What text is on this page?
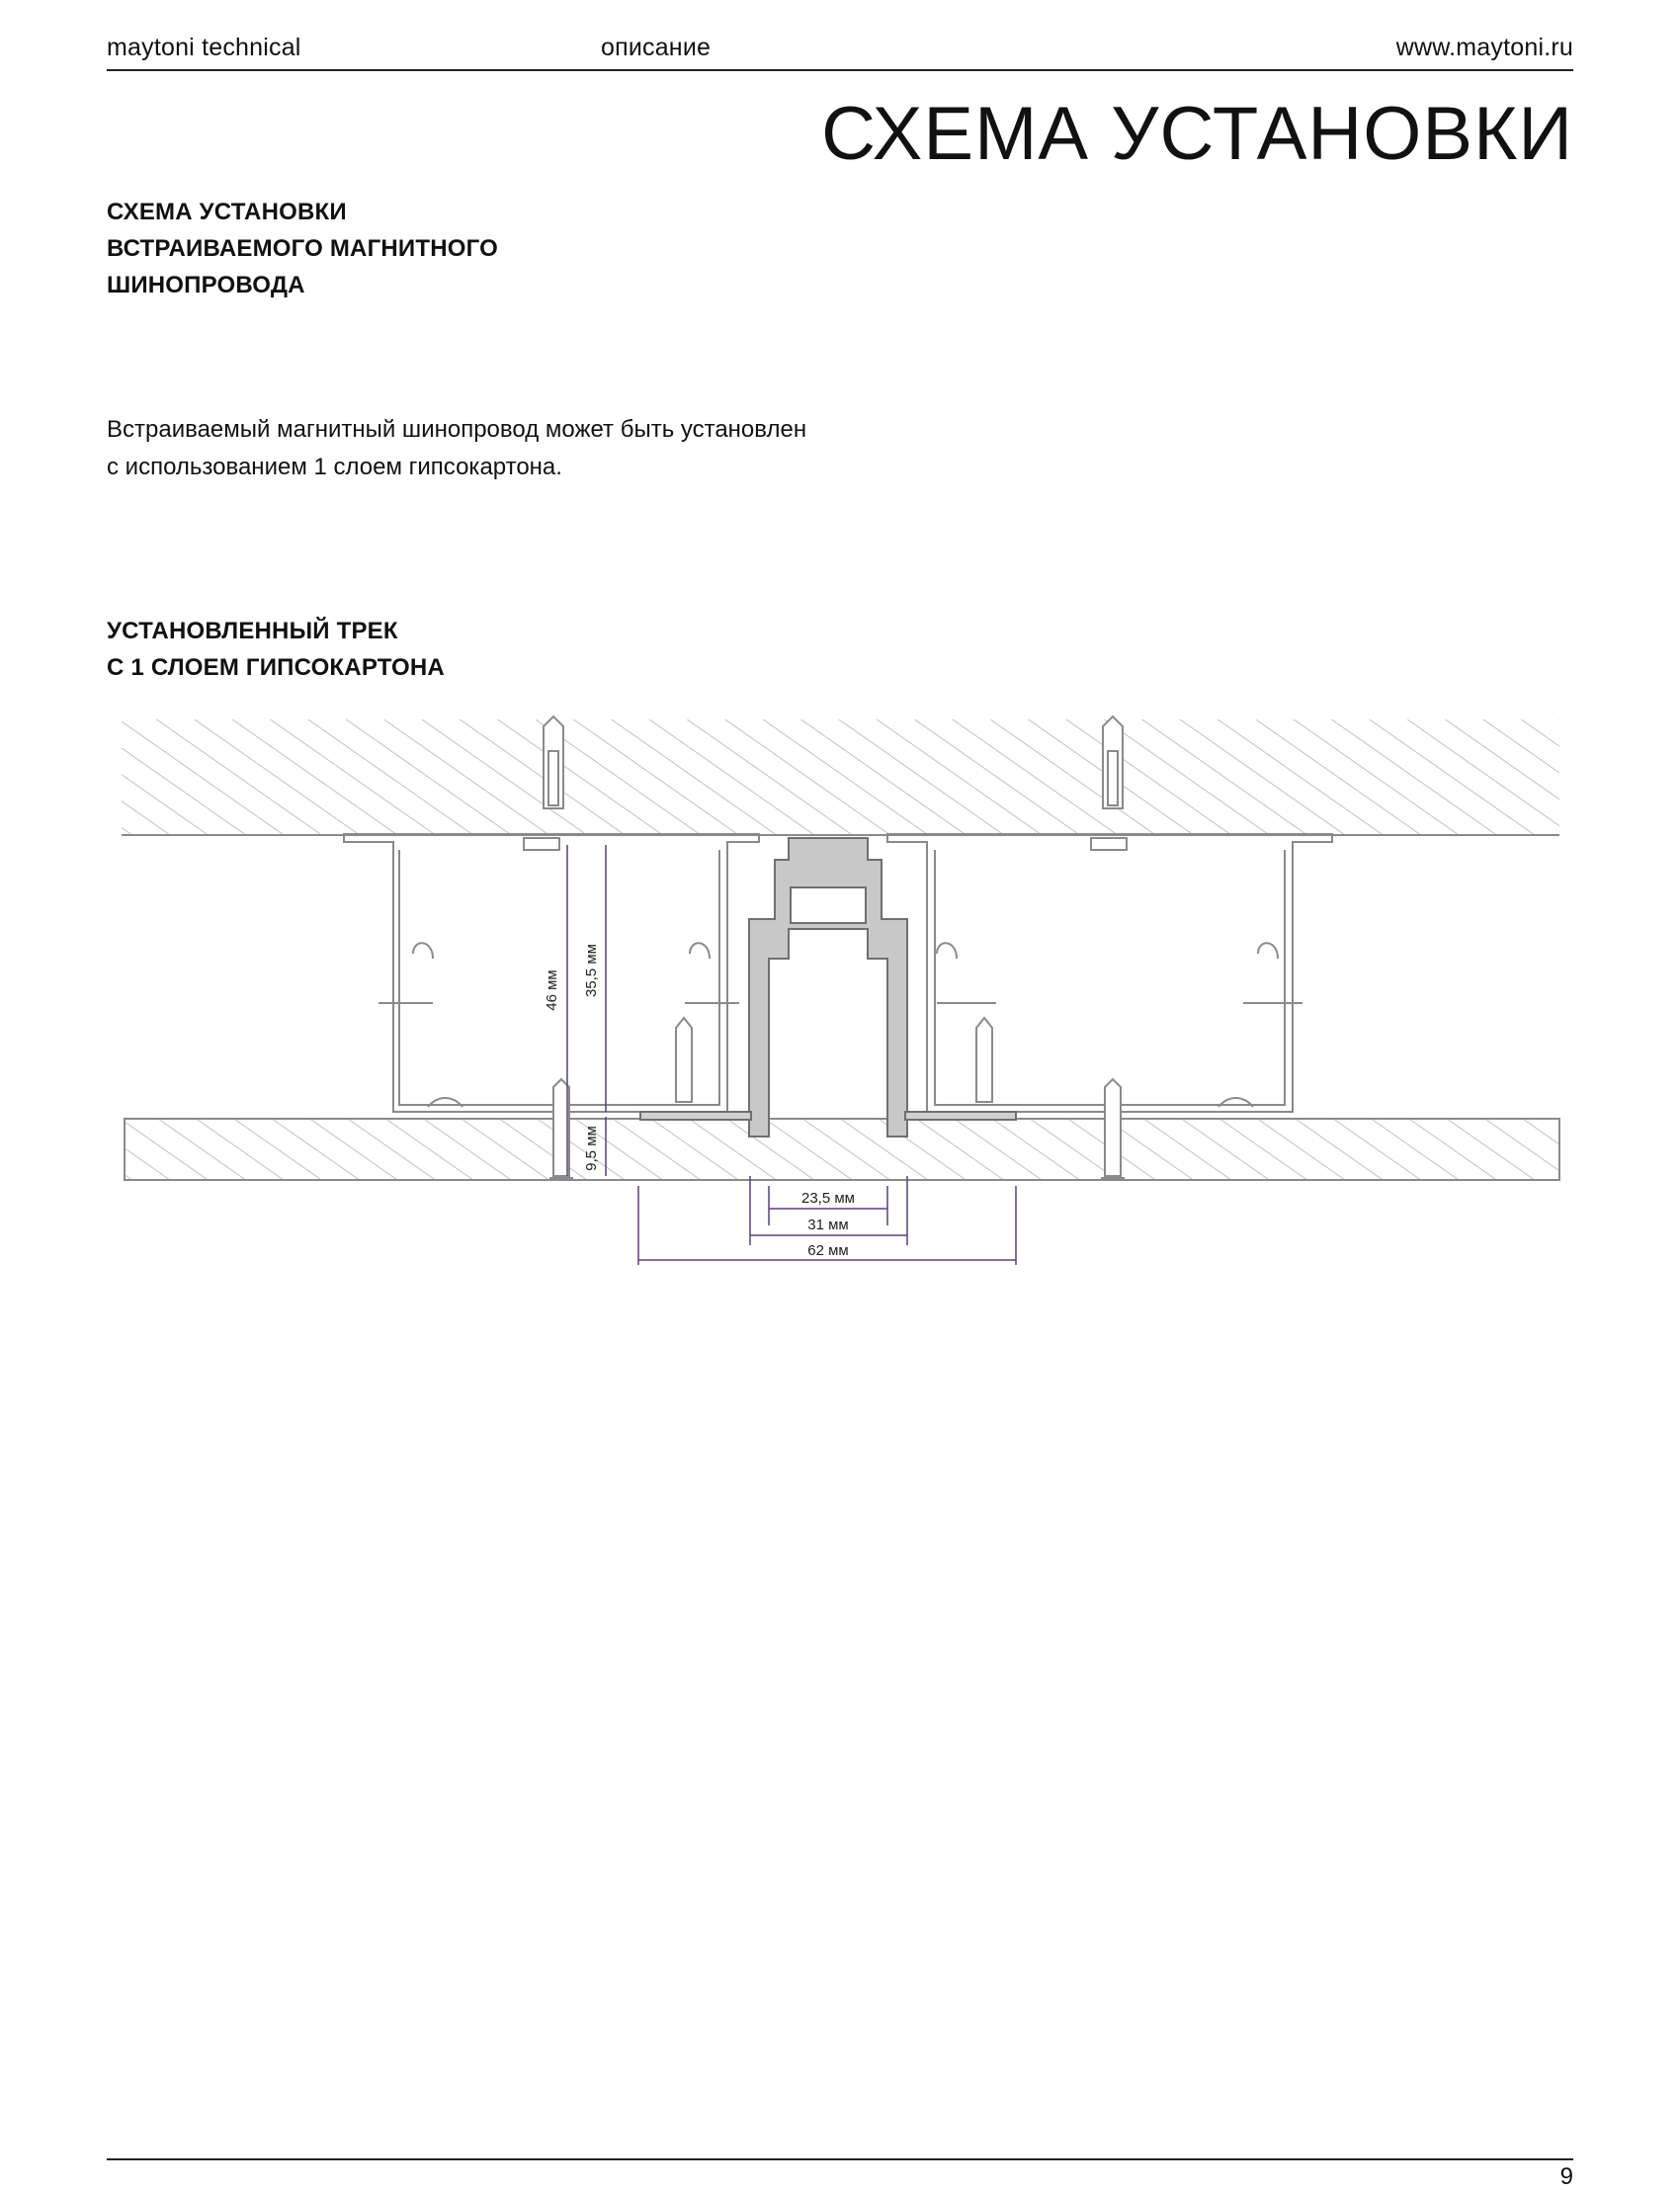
maytoni technical	описание	www.maytoni.ru
СХЕМА УСТАНОВКИ
СХЕМА УСТАНОВКИ
ВСТРАИВАЕМОГО МАГНИТНОГО
ШИНОПРОВОДА
Встраиваемый магнитный шинопровод может быть установлен
с использованием 1 слоем гипсокартона.
УСТАНОВЛЕННЫЙ ТРЕК
С 1 СЛОЕМ ГИПСОКАРТОНА
46 мм 35,5 мм
9,5 мм
23,5 мм
31 мм
62 мм
9
